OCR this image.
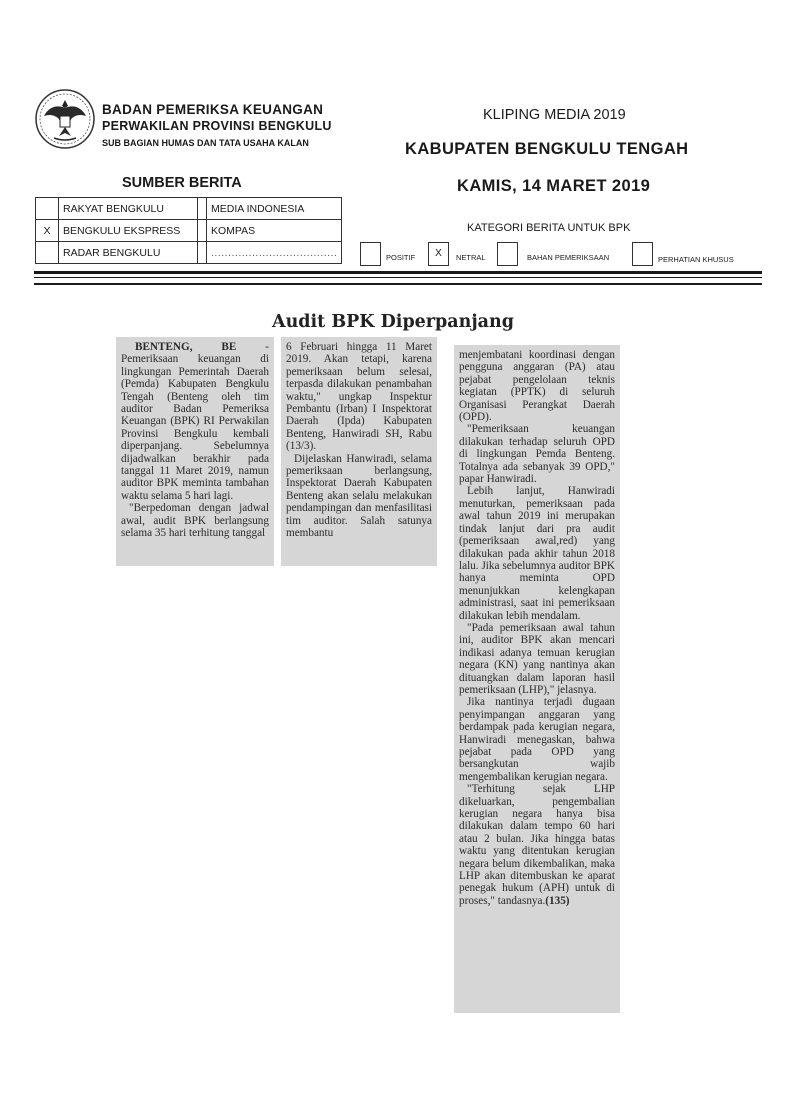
BADAN PEMERIKSA KEUANGAN
PERWAKILAN PROVINSI BENGKULU
SUB BAGIAN HUMAS DAN TATA USAHA KALAN
KLIPING MEDIA 2019
KABUPATEN BENGKULU TENGAH
KAMIS, 14 MARET 2019
SUMBER BERITA
	RAKYAT BENGKULU		MEDIA INDONESIA
X	BENGKULU EKSPRESS		KOMPAS
	RADAR BENGKULU		.....................................
KATEGORI BERITA UNTUK BPK
POSITIF	X	NETRAL	BAHAN PEMERIKSAAN	PERHATIAN KHUSUS
Audit BPK Diperpanjang

BENTENG, BE - Pemeriksaan keuangan di lingkungan Pemerintah Daerah (Pemda) Kabupaten Bengkulu Tengah (Benteng oleh tim auditor Badan Pemeriksa Keuangan (BPK) RI Perwakilan Provinsi Bengkulu kembali diperpanjang. Sebelumnya dijadwalkan berakhir pada tanggal 11 Maret 2019, namun auditor BPK meminta tambahan waktu selama 5 hari lagi.

"Berpedoman dengan jadwal awal, audit BPK berlangsung selama 35 hari terhitung tanggal

6 Februari hingga 11 Maret 2019. Akan tetapi, karena pemeriksaan belum selesai, terpasda dilakukan penambahan waktu," ungkap Inspektur Pembantu (Irban) I Inspektorat Daerah (Ipda) Kabupaten Benteng, Hanwiradi SH, Rabu (13/3).

Dijelaskan Hanwiradi, selama pemeriksaan berlangsung, Inspektorat Daerah Kabupaten Benteng akan selalu melakukan pendampingan dan menfasilitasi tim auditor. Salah satunya membantu

menjembatani koordinasi dengan pengguna anggaran (PA) atau pejabat pengelolaan teknis kegiatan (PPTK) di seluruh Organisasi Perangkat Daerah (OPD).

"Pemeriksaan keuangan dilakukan terhadap seluruh OPD di lingkungan Pemda Benteng. Totalnya ada sebanyak 39 OPD," papar Hanwiradi.

Lebih lanjut, Hanwiradi menuturkan, pemeriksaan pada awal tahun 2019 ini merupakan tindak lanjut dari pra audit (pemeriksaan awal,red) yang dilakukan pada akhir tahun 2018 lalu. Jika sebelumnya auditor BPK hanya meminta OPD menunjukkan kelengkapan administrasi, saat ini pemeriksaan dilakukan lebih mendalam.

"Pada pemeriksaan awal tahun ini, auditor BPK akan mencari indikasi adanya temuan kerugian negara (KN) yang nantinya akan dituangkan dalam laporan hasil pemeriksaan (LHP)," jelasnya.

Jika nantinya terjadi dugaan penyimpangan anggaran yang berdampak pada kerugian negara, Hanwiradi menegaskan, bahwa pejabat pada OPD yang bersangkutan wajib mengembalikan kerugian negara.

"Terhitung sejak LHP dikeluarkan, pengembalian kerugian negara hanya bisa dilakukan dalam tempo 60 hari atau 2 bulan. Jika hingga batas waktu yang ditentukan kerugian negara belum dikembalikan, maka LHP akan ditembuskan ke aparat penegak hukum (APH) untuk di proses," tandasnya.(135)
